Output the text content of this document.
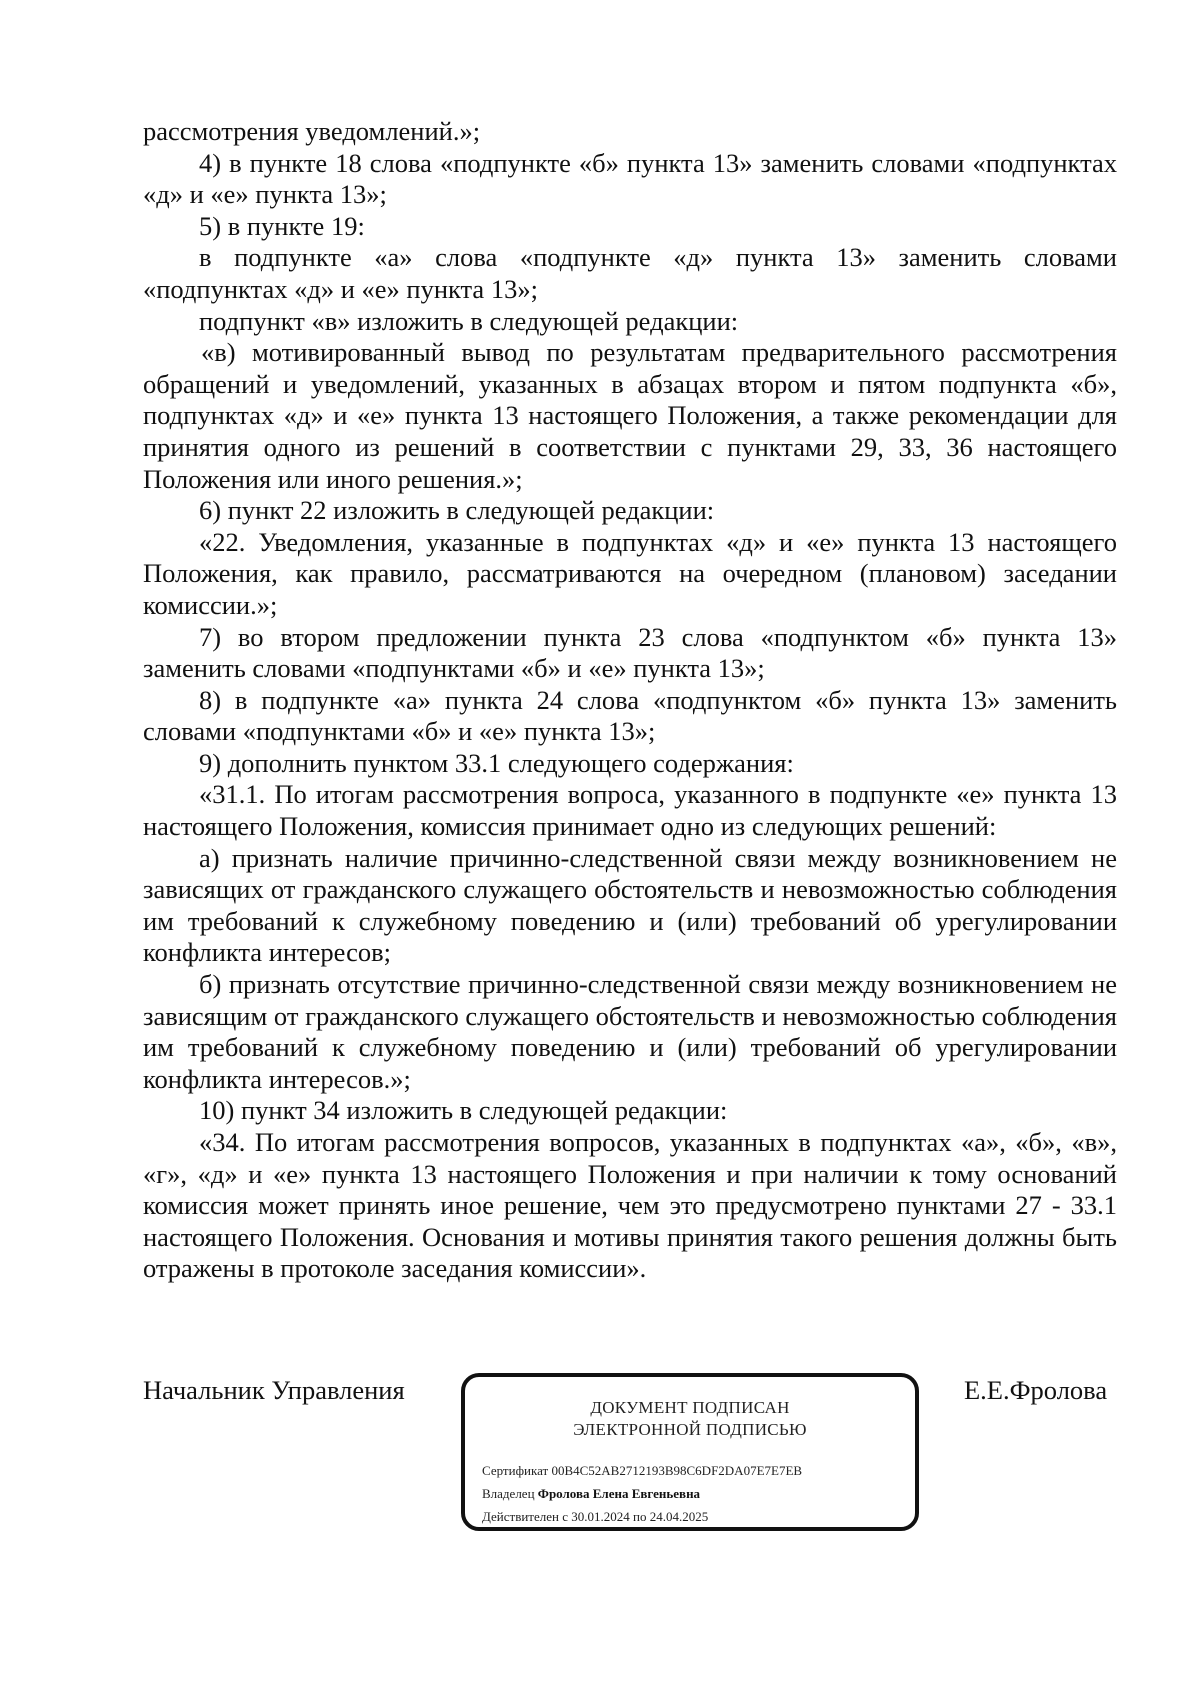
рассмотрения уведомлений.»;

4) в пункте 18 слова «подпункте «б» пункта 13» заменить словами «подпунктах «д» и «е» пункта 13»;

5) в пункте 19:

в подпункте «а» слова «подпункте «д» пункта 13» заменить словами «подпунктах «д» и «е» пункта 13»;

подпункт «в» изложить в следующей редакции:

«в) мотивированный вывод по результатам предварительного рассмотрения обращений и уведомлений, указанных в абзацах втором и пятом подпункта «б», подпунктах «д» и «е» пункта 13 настоящего Положения, а также рекомендации для принятия одного из решений в соответствии с пунктами 29, 33, 36 настоящего Положения или иного решения.»;

6) пункт 22 изложить в следующей редакции:

«22. Уведомления, указанные в подпунктах «д» и «е» пункта 13 настоящего Положения, как правило, рассматриваются на очередном (плановом) заседании комиссии.»;

7) во втором предложении пункта 23 слова «подпунктом «б» пункта 13» заменить словами «подпунктами «б» и «е» пункта 13»;

8) в подпункте «а» пункта 24 слова «подпунктом «б» пункта 13» заменить словами «подпунктами «б» и «е» пункта 13»;

9) дополнить пунктом 33.1 следующего содержания:

«31.1. По итогам рассмотрения вопроса, указанного в подпункте «е» пункта 13 настоящего Положения, комиссия принимает одно из следующих решений:

а) признать наличие причинно-следственной связи между возникновением не зависящих от гражданского служащего обстоятельств и невозможностью соблюдения им требований к служебному поведению и (или) требований об урегулировании конфликта интересов;

б) признать отсутствие причинно-следственной связи между возникновением не зависящим от гражданского служащего обстоятельств и невозможностью соблюдения им требований к служебному поведению и (или) требований об урегулировании конфликта интересов.»;

10) пункт 34 изложить в следующей редакции:

«34. По итогам рассмотрения вопросов, указанных в подпунктах «а», «б», «в», «г», «д» и «е» пункта 13 настоящего Положения и при наличии к тому оснований комиссия может принять иное решение, чем это предусмотрено пунктами 27 - 33.1 настоящего Положения. Основания и мотивы принятия такого решения должны быть отражены в протоколе заседания комиссии».

Начальник Управления
ДОКУМЕНТ ПОДПИСАН
ЭЛЕКТРОННОЙ ПОДПИСЬЮ
Сертификат 00B4C52AB2712193B98C6DF2DA07E7E7EB
Владелец Фролова Елена Евгеньевна
Действителен с 30.01.2024 по 24.04.2025
Е.Е.Фролова
